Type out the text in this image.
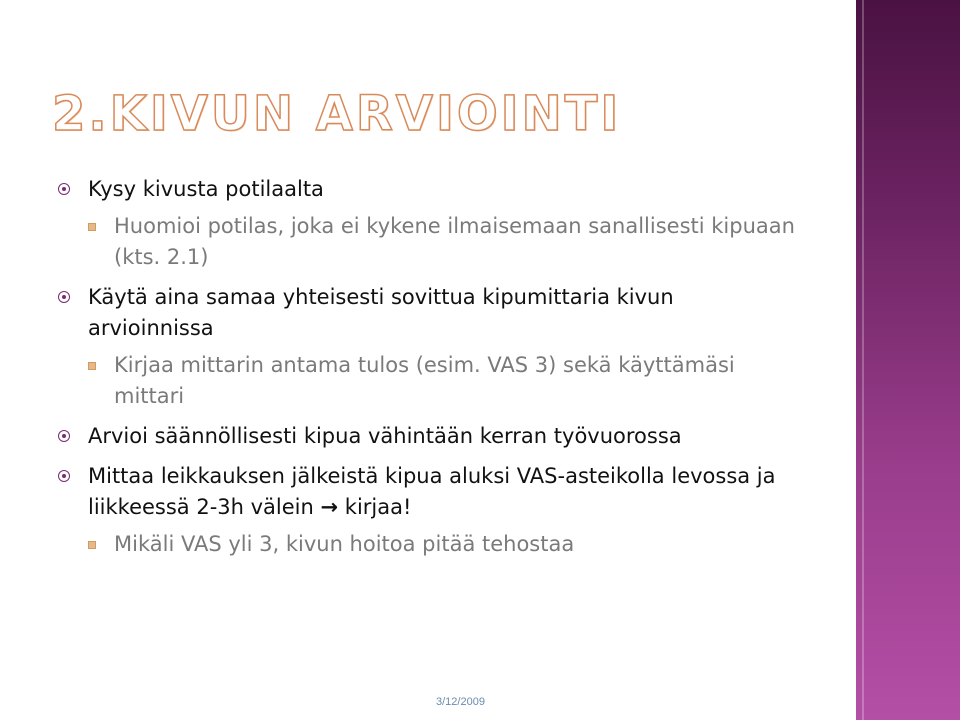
2.KIVUN ARVIOINTI
Kysy kivusta potilaalta
Huomioi potilas, joka ei kykene ilmaisemaan sanallisesti kipuaan (kts. 2.1)
Käytä aina samaa yhteisesti sovittua kipumittaria kivun arvioinnissa
Kirjaa mittarin antama tulos (esim. VAS 3) sekä käyttämäsi mittari
Arvioi säännöllisesti kipua vähintään kerran työvuorossa
Mittaa leikkauksen jälkeistä kipua aluksi VAS-asteikolla levossa ja liikkeessä 2-3h välein → kirjaa!
Mikäli VAS yli 3, kivun hoitoa pitää tehostaa
3/12/2009
